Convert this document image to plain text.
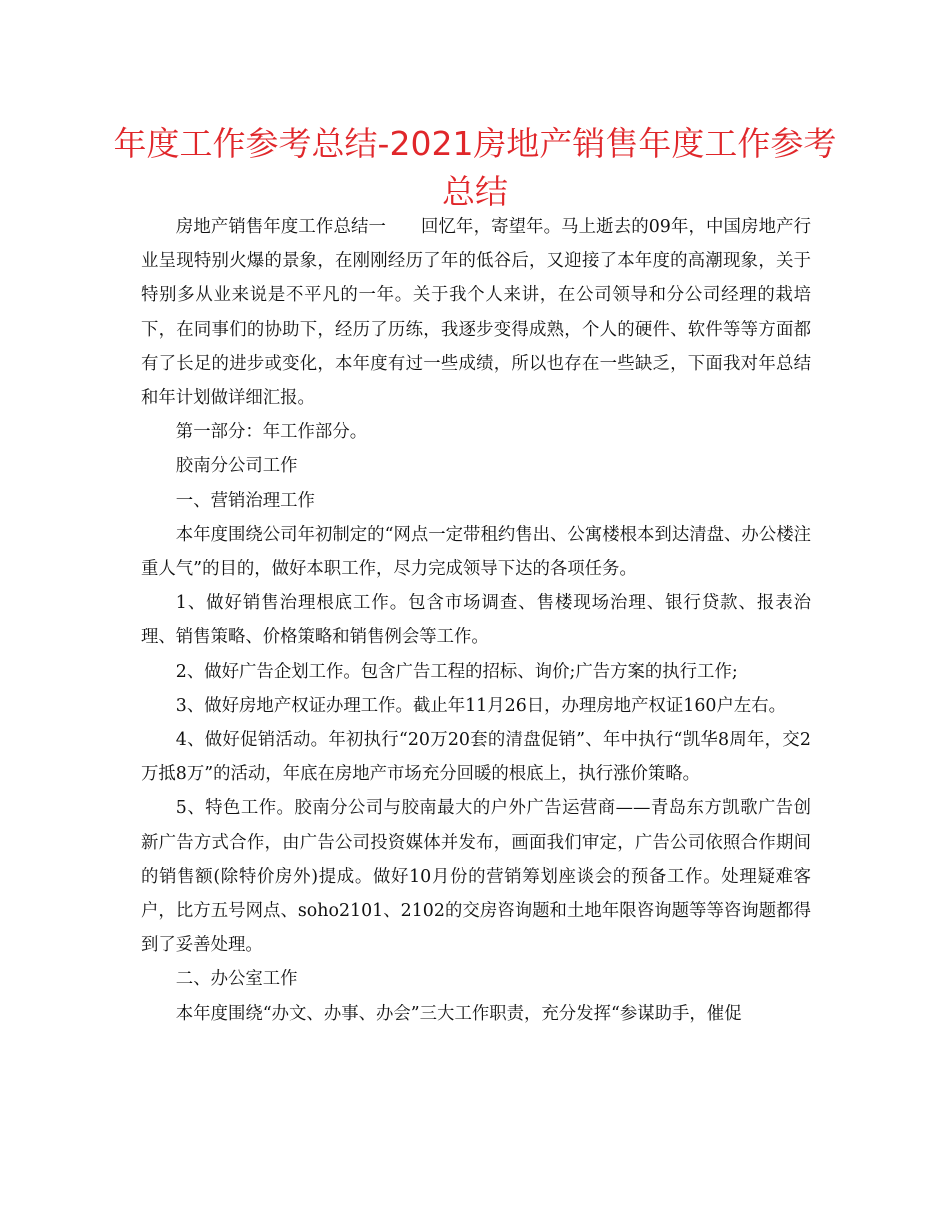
年度工作参考总结-2021房地产销售年度工作参考总结

房地产销售年度工作总结一　　回忆年，寄望年。马上逝去的09年，中国房地产行业呈现特别火爆的景象，在刚刚经历了年的低谷后，又迎接了本年度的高潮现象，关于特别多从业来说是不平凡的一年。关于我个人来讲，在公司领导和分公司经理的栽培下，在同事们的协助下，经历了历练，我逐步变得成熟，个人的硬件、软件等等方面都有了长足的进步或变化，本年度有过一些成绩，所以也存在一些缺乏，下面我对年总结和年计划做详细汇报。

第一部分：年工作部分。

胶南分公司工作

一、营销治理工作

本年度围绕公司年初制定的“网点一定带租约售出、公寓楼根本到达清盘、办公楼注重人气”的目的，做好本职工作，尽力完成领导下达的各项任务。

1、做好销售治理根底工作。包含市场调查、售楼现场治理、银行贷款、报表治理、销售策略、价格策略和销售例会等工作。

2、做好广告企划工作。包含广告工程的招标、询价;广告方案的执行工作;

3、做好房地产权证办理工作。截止年11月26日，办理房地产权证160户左右。

4、做好促销活动。年初执行“20万20套的清盘促销”、年中执行“凯华8周年，交2万抵8万”的活动，年底在房地产市场充分回暖的根底上，执行涨价策略。

5、特色工作。胶南分公司与胶南最大的户外广告运营商——青岛东方凯歌广告创新广告方式合作，由广告公司投资媒体并发布，画面我们审定，广告公司依照合作期间的销售额(除特价房外)提成。做好10月份的营销筹划座谈会的预备工作。处理疑难客户，比方五号网点、soho2101、2102的交房咨询题和土地年限咨询题等等咨询题都得到了妥善处理。

二、办公室工作

本年度围绕“办文、办事、办会”三大工作职责，充分发挥“参谋助手，催促
